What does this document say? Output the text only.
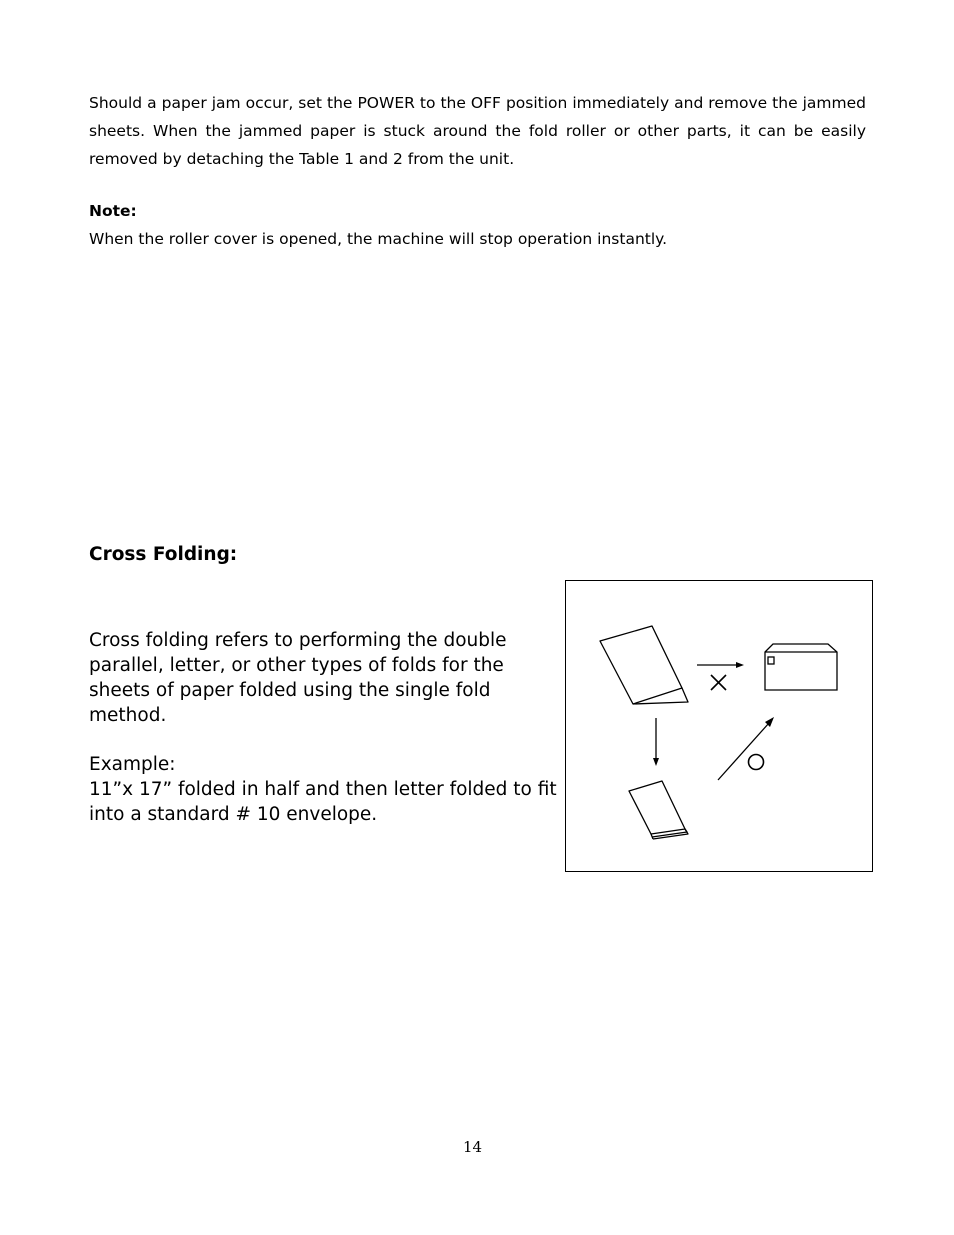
Should a paper jam occur, set the POWER to the OFF position immediately and remove the jammed sheets. When the jammed paper is stuck around the fold roller or other parts, it can be easily removed by detaching the Table 1 and 2 from the unit.

Note:

When the roller cover is opened, the machine will stop operation instantly.

Cross Folding:

Cross folding refers to performing the double parallel, letter, or other types of folds for the sheets of paper folded using the single fold method.

Example:

11”x 17” folded in half and then letter folded to fit into a standard # 10 envelope.

14
